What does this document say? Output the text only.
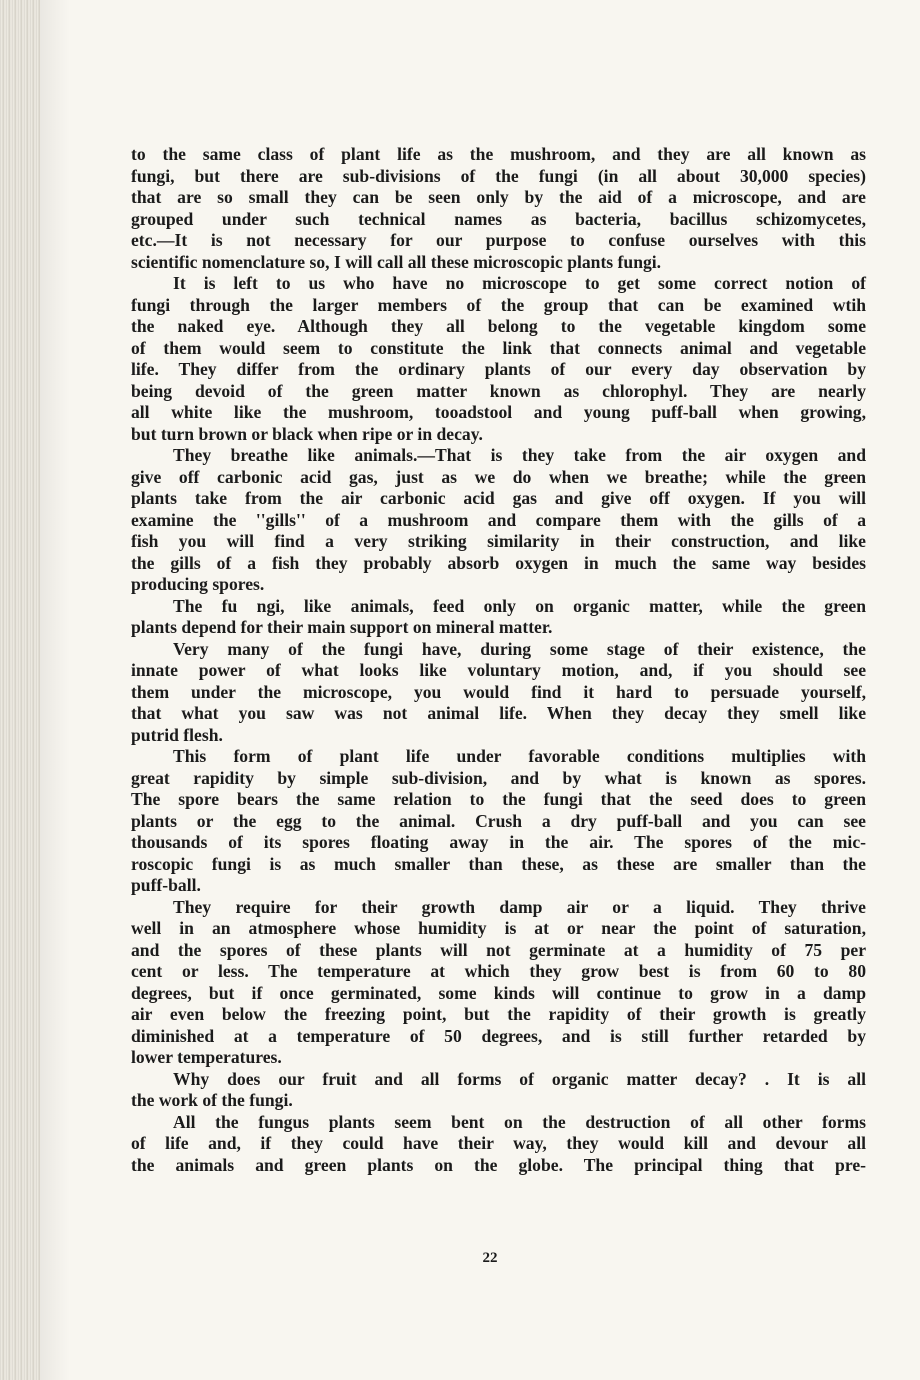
to the same class of plant life as the mushroom, and they are all known as

fungi, but there are sub-divisions of the fungi (in all about 30,000 species)

that are so small they can be seen only by the aid of a microscope, and are

grouped under such technical names as bacteria, bacillus schizomycetes,

etc.—It is not necessary for our purpose to confuse ourselves with this

scientific nomenclature so, I will call all these microscopic plants fungi.

It is left to us who have no microscope to get some correct notion of

fungi through the larger members of the group that can be examined wtih

the naked eye. Although they all belong to the vegetable kingdom some

of them would seem to constitute the link that connects animal and vegetable

life. They differ from the ordinary plants of our every day observation by

being devoid of the green matter known as chlorophyl. They are nearly

all white like the mushroom, tooadstool and young puff-ball when growing,

but turn brown or black when ripe or in decay.

They breathe like animals.—That is they take from the air oxygen and

give off carbonic acid gas, just as we do when we breathe; while the green

plants take from the air carbonic acid gas and give off oxygen. If you will

examine the ''gills'' of a mushroom and compare them with the gills of a

fish you will find a very striking similarity in their construction, and like

the gills of a fish they probably absorb oxygen in much the same way besides

producing spores.

The fu ngi, like animals, feed only on organic matter, while the green

plants depend for their main support on mineral matter.

Very many of the fungi have, during some stage of their existence, the

innate power of what looks like voluntary motion, and, if you should see

them under the microscope, you would find it hard to persuade yourself,

that what you saw was not animal life. When they decay they smell like

putrid flesh.

This form of plant life under favorable conditions multiplies with

great rapidity by simple sub-division, and by what is known as spores.

The spore bears the same relation to the fungi that the seed does to green

plants or the egg to the animal. Crush a dry puff-ball and you can see

thousands of its spores floating away in the air. The spores of the mic-

roscopic fungi is as much smaller than these, as these are smaller than the

puff-ball.

They require for their growth damp air or a liquid. They thrive

well in an atmosphere whose humidity is at or near the point of saturation,

and the spores of these plants will not germinate at a humidity of 75 per

cent or less. The temperature at which they grow best is from 60 to 80

degrees, but if once germinated, some kinds will continue to grow in a damp

air even below the freezing point, but the rapidity of their growth is greatly

diminished at a temperature of 50 degrees, and is still further retarded by

lower temperatures.

Why does our fruit and all forms of organic matter decay? . It is all

the work of the fungi.

All the fungus plants seem bent on the destruction of all other forms

of life and, if they could have their way, they would kill and devour all

the animals and green plants on the globe. The principal thing that pre-

22
